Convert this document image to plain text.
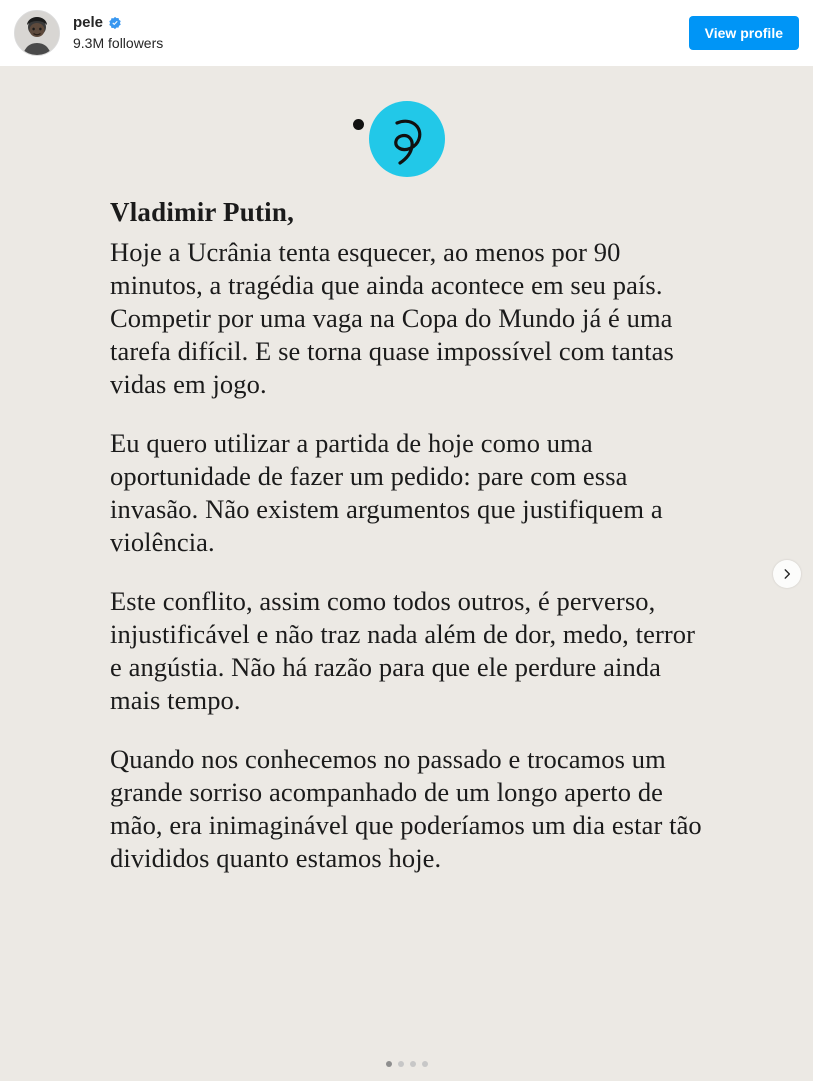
pele
9.3M followers
View profile
Vladimir Putin,

Hoje a Ucrânia tenta esquecer, ao menos por 90 minutos, a tragédia que ainda acontece em seu país. Competir por uma vaga na Copa do Mundo já é uma tarefa difícil. E se torna quase impossível com tantas vidas em jogo.

Eu quero utilizar a partida de hoje como uma oportunidade de fazer um pedido: pare com essa invasão. Não existem argumentos que justifiquem a violência.

Este conflito, assim como todos outros, é perverso, injustificável e não traz nada além de dor, medo, terror e angústia. Não há razão para que ele perdure ainda mais tempo.

Quando nos conhecemos no passado e trocamos um grande sorriso acompanhado de um longo aperto de mão, era inimaginável que poderíamos um dia estar tão divididos quanto estamos hoje.
